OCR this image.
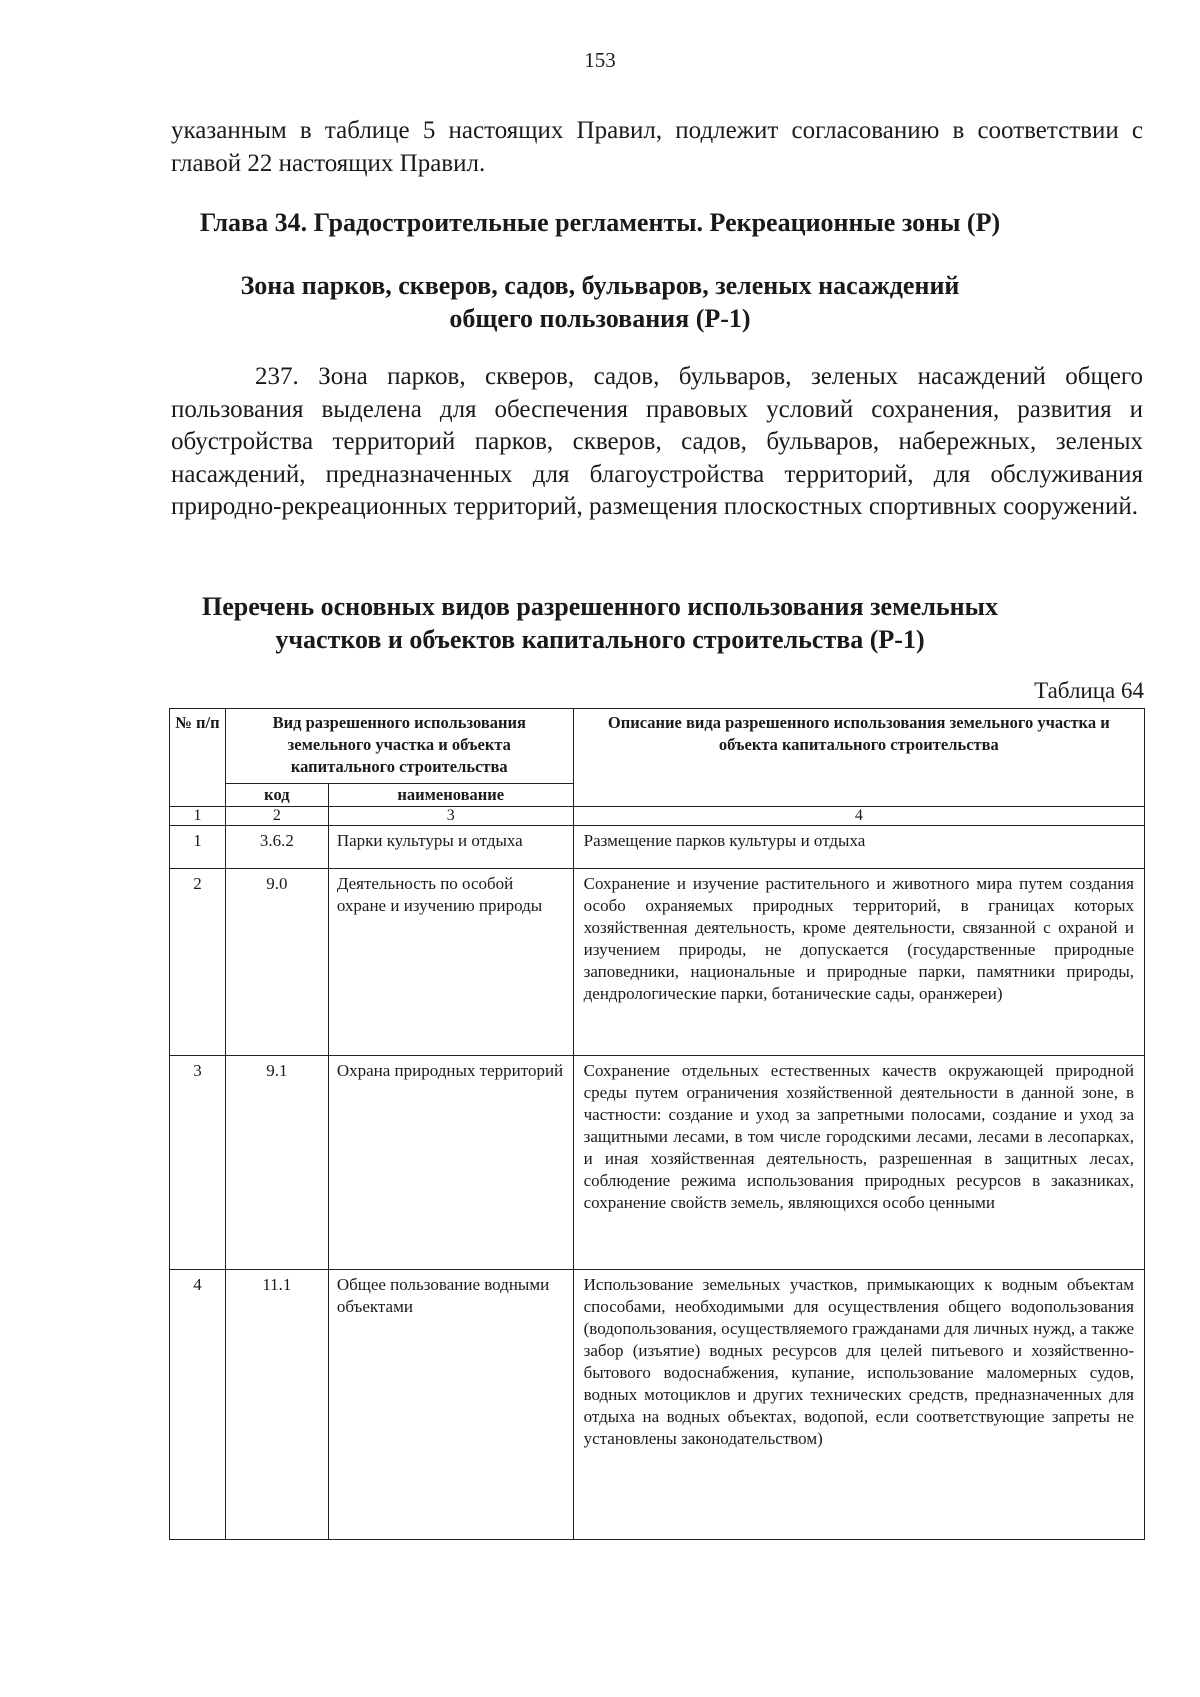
153

указанным в таблице 5 настоящих Правил, подлежит согласованию в соответствии с главой 22 настоящих Правил.

Глава 34. Градостроительные регламенты. Рекреационные зоны (Р)
Зона парков, скверов, садов, бульваров, зеленых насаждений
общего пользования (Р-1)

237. Зона парков, скверов, садов, бульваров, зеленых насаждений общего пользования выделена для обеспечения правовых условий сохранения, развития и обустройства территорий парков, скверов, садов, бульваров, набережных, зеленых насаждений, предназначенных для благоустройства территорий, для обслуживания природно-рекреационных территорий, размещения плоскостных спортивных сооружений.

Перечень основных видов разрешенного использования земельных
участков и объектов капитального строительства (Р-1)
Таблица 64
№ п/п	Вид разрешенного использования земельного участка и объекта капитального строительства		Описание вида разрешенного использования земельного участка и объекта капитального строительства
	код	наименование	
1	2	3	4
1	3.6.2	Парки культуры и отдыха	Размещение парков культуры и отдыха
2	9.0	Деятельность по особой охране и изучению природы	Сохранение и изучение растительного и животного мира путем создания особо охраняемых природных территорий, в границах которых хозяйственная деятельность, кроме деятельности, связанной с охраной и изучением природы, не допускается (государственные природные заповедники, национальные и природные парки, памятники природы, дендрологические парки, ботанические сады, оранжереи)
3	9.1	Охрана природных территорий	Сохранение отдельных естественных качеств окружающей природной среды путем ограничения хозяйственной деятельности в данной зоне, в частности: создание и уход за запретными полосами, создание и уход за защитными лесами, в том числе городскими лесами, лесами в лесопарках, и иная хозяйственная деятельность, разрешенная в защитных лесах, соблюдение режима использования природных ресурсов в заказниках, сохранение свойств земель, являющихся особо ценными
4	11.1	Общее пользование водными объектами	Использование земельных участков, примыкающих к водным объектам способами, необходимыми для осуществления общего водопользования (водопользования, осуществляемого гражданами для личных нужд, а также забор (изъятие) водных ресурсов для целей питьевого и хозяйственно-бытового водоснабжения, купание, использование маломерных судов, водных мотоциклов и других технических средств, предназначенных для отдыха на водных объектах, водопой, если соответствующие запреты не установлены законодательством)
